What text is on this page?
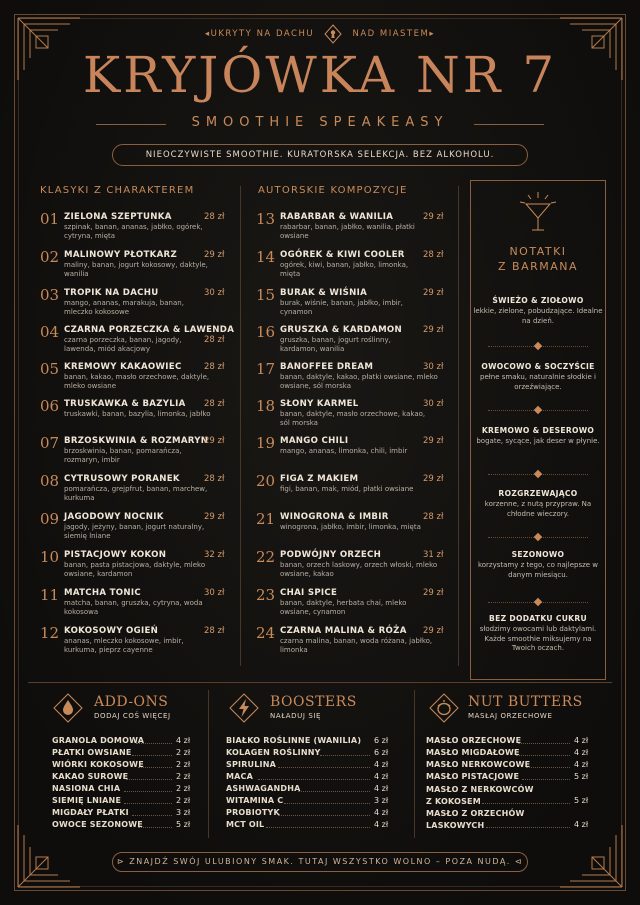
◂UKRYTY NA DACHU	NAD MIASTEM▸
KRYJÓWKA NR 7
SMOOTHIE SPEAKEASY
NIEOCZYWISTE SMOOTHIE. KURATORSKA SELEKCJA. BEZ ALKOHOLU.
KLASYKI Z CHARAKTEREM	AUTORSKIE KOMPOZYCJE
01 ZIELONA SZEPTUNKA	28 zł
szpinak, banan, ananas, jabłko, ogórek, cytryna, mięta
02 MALINOWY PŁOTKARZ	29 zł
maliny, banan, jogurt kokosowy, daktyle, wanilia
03 TROPIK NA DACHU	30 zł
mango, ananas, marakuja, banan, mleczko kokosowe
04 CZARNA PORZECZKA & LAWENDA
28 zł
czarna porzeczka, banan, jagody, lawenda, miód akacjowy
05 KREMOWY KAKAOWIEC	28 zł
banan, kakao, masło orzechowe, daktyle, mleko owsiane
06 TRUSKAWKA & BAZYLIA 28 zł
truskawki, banan, bazylia, limonka, jabłko
07 BRZOSKWINIA & ROZMARYN
29 zł
brzoskwinia, banan, pomarańcza, rozmaryn, imbir
08 CYTRUSOWY PORANEK	28 zł
pomarańcza, grejpfrut, banan, marchew, kurkuma
09 JAGODOWY NOCNIK	29 zł
jagody, jeżyny, banan, jogurt naturalny, siemię lniane
10 PISTACJOWY KOKON	32 zł
banan, pasta pistacjowa, daktyle, mleko owsiane, kardamon
11 MATCHA TONIC	30 zł
matcha, banan, gruszka, cytryna, woda kokosowa
12 KOKOSOWY OGIEŃ	28 zł
ananas, mleczko kokosowe, imbir, kurkuma, pieprz cayenne
13 RABARBAR & WANILIA	29 zł
rabarbar, banan, jabłko, wanilia, płatki owsiane
14 OGÓREK & KIWI COOLER 28 zł
ogórek, kiwi, banan, jabłko, limonka, mięta
15 BURAK & WIŚNIA	29 zł
burak, wiśnie, banan, jabłko, imbir, cynamon
16 GRUSZKA & KARDAMON 29 zł
gruszka, banan, jogurt roślinny, kardamon, wanilia
17 BANOFFEE DREAM	30 zł
banan, daktyle, kakao, płatki owsiane, mleko owsiane, sól morska
18 SŁONY KARMEL	30 zł
banan, daktyle, masło orzechowe, kakao, sól morska
19 MANGO CHILI	29 zł
mango, ananas, limonka, chili, imbir
20 FIGA Z MAKIEM	29 zł
figi, banan, mak, miód, płatki owsiane
21 WINOGRONA & IMBIR	28 zł
winogrona, jabłko, imbir, limonka, mięta
22 PODWÓJNY ORZECH	31 zł
banan, orzech laskowy, orzech włoski, mleko owsiane, kakao
23 CHAI SPICE	29 zł
banan, daktyle, herbata chai, mleko owsiane, cynamon
24 CZARNA MALINA & RÓŻA 29 zł
czarna malina, banan, woda różana, jabłko, limonka
NOTATKI
Z BARMANA
ŚWIEŻO & ZIOŁOWO
lekkie, zielone, pobudzające. Idealne na dzień.
OWOCOWO & SOCZYŚCIE
pełne smaku, naturalnie słodkie i orzeźwiające.
KREMOWO & DESEROWO
bogate, sycące, jak deser w płynie.
ROZGRZEWAJĄCO
korzenne, z nutą przypraw. Na chłodne wieczory.
SEZONOWO
korzystamy z tego, co najlepsze w danym miesiącu.
BEZ DODATKU CUKRU
słodzimy owocami lub daktylami. Każde smoothie miksujemy na Twoich oczach.
ADD-ONS
DODAJ COŚ WIĘCEJ
GRANOLA DOMOWA	4 zł
PŁATKI OWSIANE	2 zł
WIÓRKI KOKOSOWE	2 zł
KAKAO SUROWE	2 zł
NASIONA CHIA	2 zł
SIEMIĘ LNIANE	2 zł
MIGDAŁY PŁATKI	3 zł
OWOCE SEZONOWE	5 zł
BOOSTERS
NAŁADUJ SIĘ
BIAŁKO ROŚLINNE (WANILIA) 6 zł
KOLAGEN ROŚLINNY	6 zł
SPIRULINA	4 zł
MACA	4 zł
ASHWAGANDHA	4 zł
WITAMINA C	3 zł
PROBIOTYK	4 zł
MCT OIL	4 zł
NUT BUTTERS
MASŁAJ ORZECHOWE
MASŁO ORZECHOWE	4 zł
MASŁO MIGDAŁOWE	4 zł
MASŁO NERKOWCOWE	4 zł
MASŁO PISTACJOWE	5 zł
MASŁO Z NERKOWCÓW Z KOKOSEM	5 zł
MASŁO Z ORZECHÓW LASKOWYCH	4 zł
⊳ ZNAJDŹ SWÓJ ULUBIONY SMAK. TUTAJ WSZYSTKO WOLNO – POZA NUDĄ. ⊲
